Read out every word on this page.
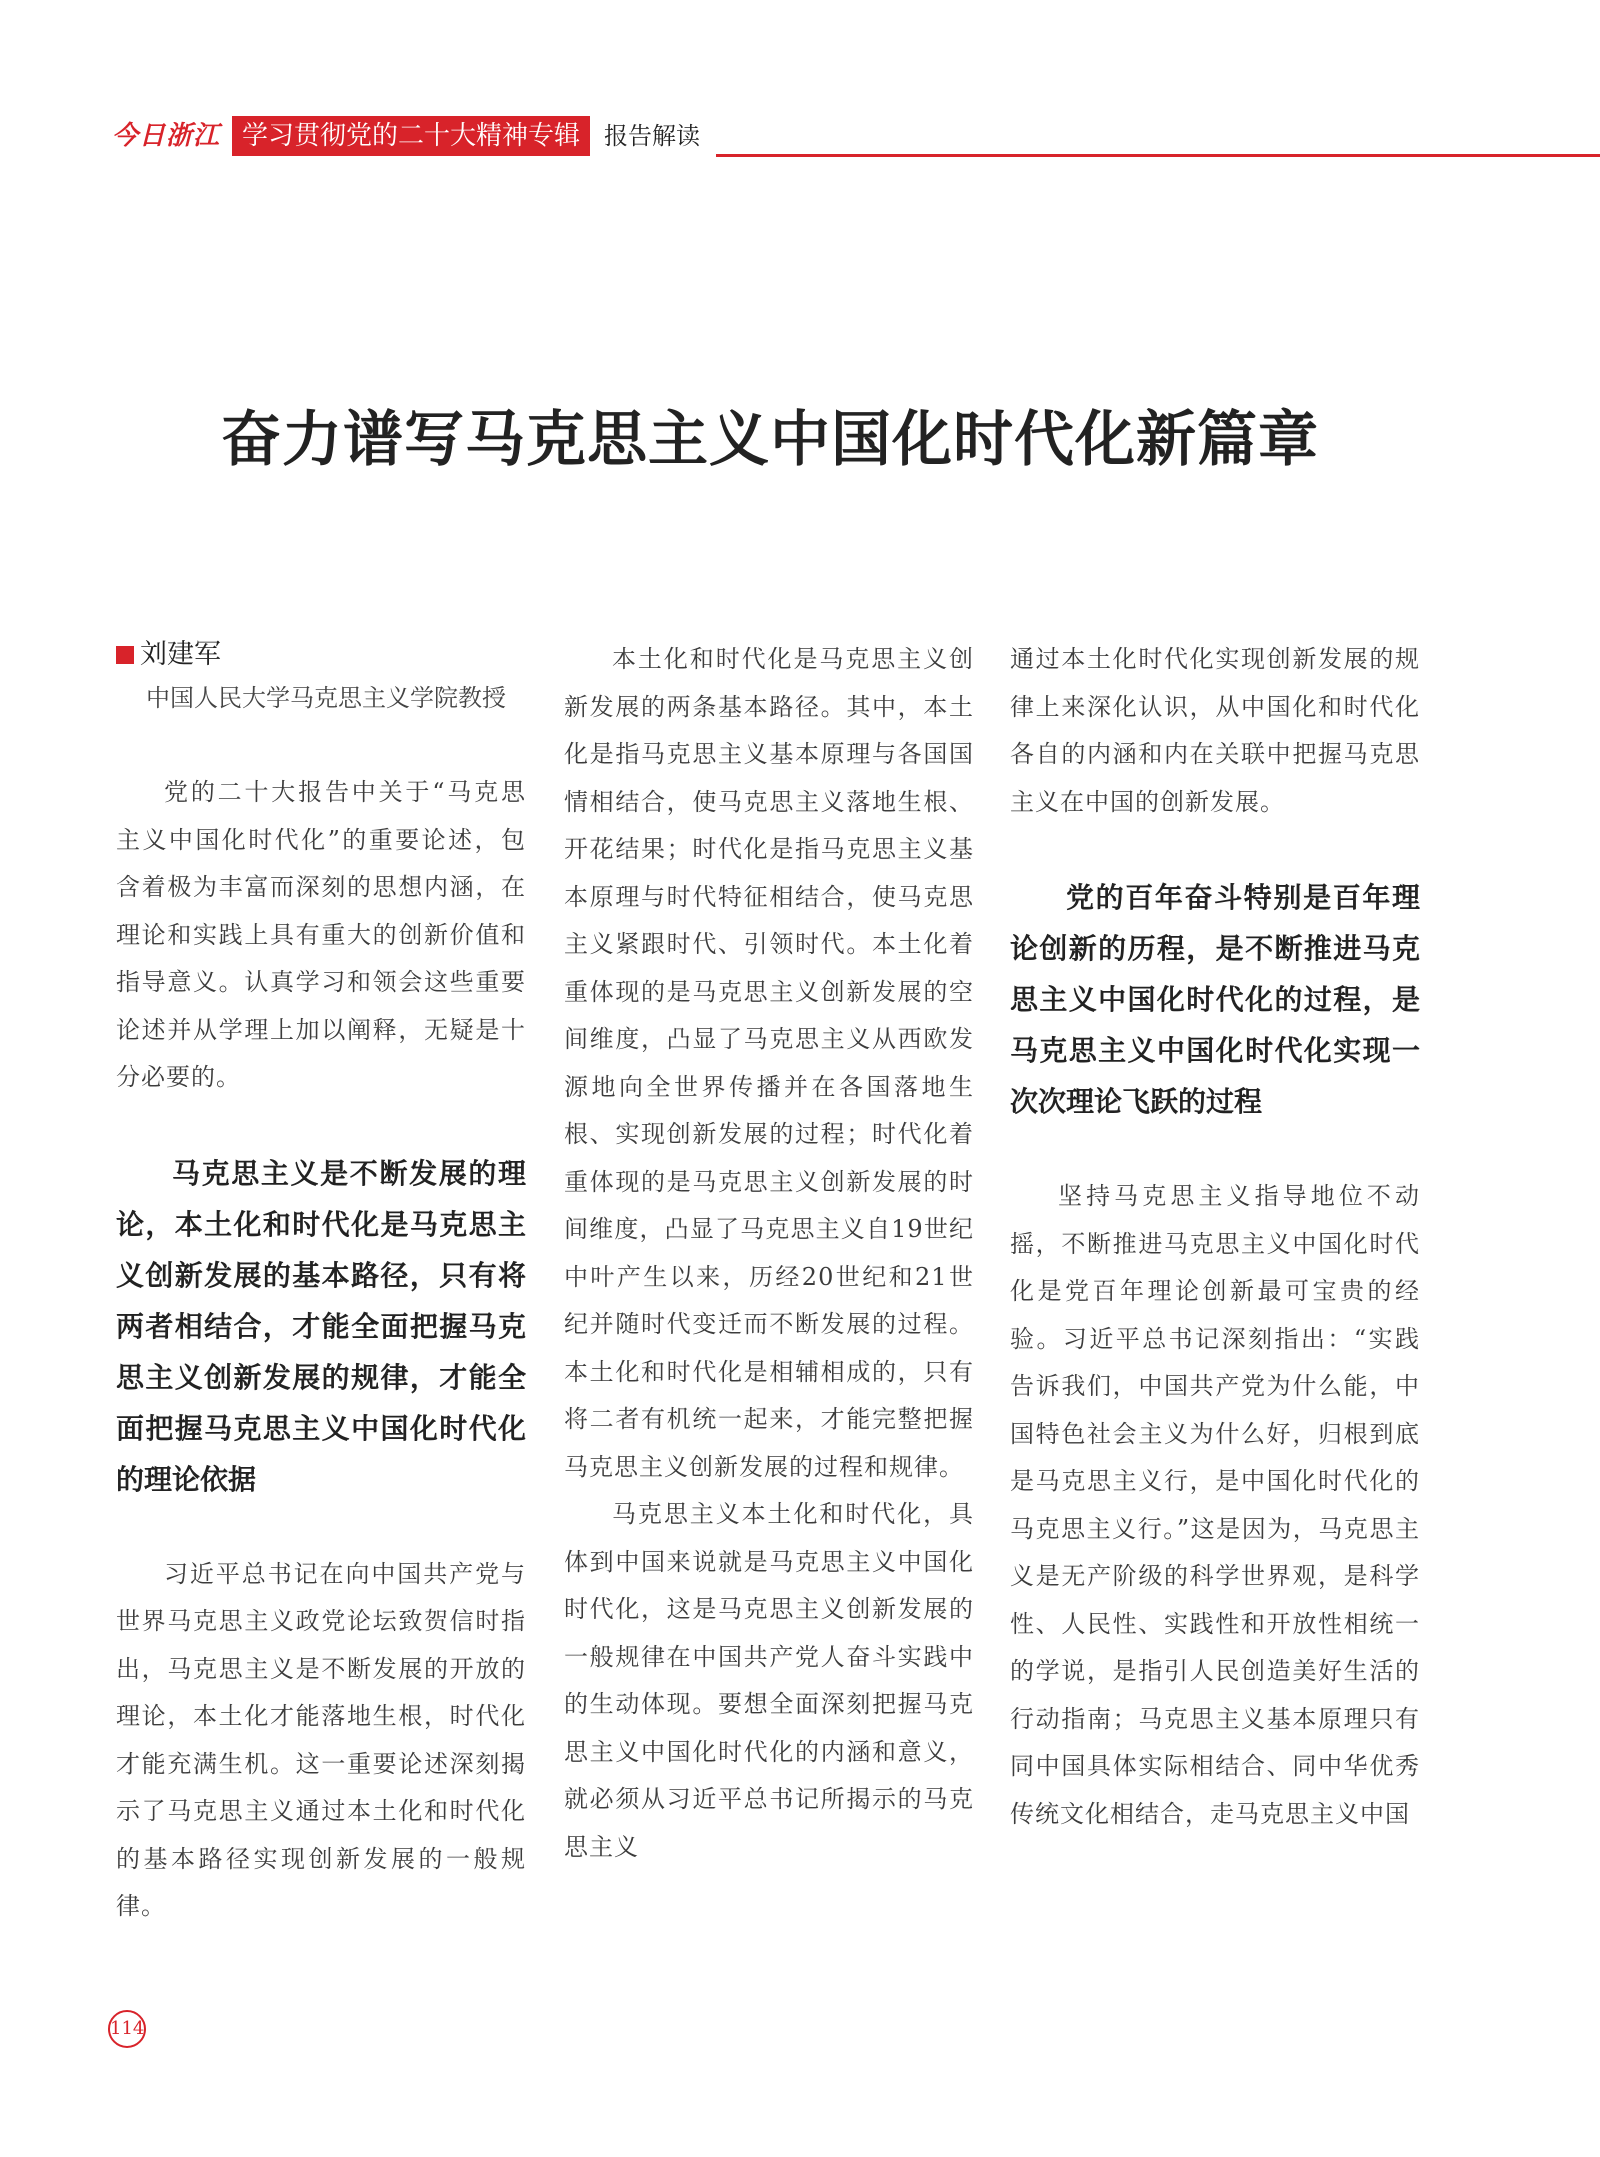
今日浙江 学习贯彻党的二十大精神专辑 报告解读
奋力谱写马克思主义中国化时代化新篇章
刘建军
中国人民大学马克思主义学院教授

党的二十大报告中关于“马克思主义中国化时代化”的重要论述，包含着极为丰富而深刻的思想内涵，在理论和实践上具有重大的创新价值和指导意义。认真学习和领会这些重要论述并从学理上加以阐释，无疑是十分必要的。

马克思主义是不断发展的理论，本土化和时代化是马克思主义创新发展的基本路径，只有将两者相结合，才能全面把握马克思主义创新发展的规律，才能全面把握马克思主义中国化时代化的理论依据

习近平总书记在向中国共产党与世界马克思主义政党论坛致贺信时指出，马克思主义是不断发展的开放的理论，本土化才能落地生根，时代化才能充满生机。这一重要论述深刻揭示了马克思主义通过本土化和时代化的基本路径实现创新发展的一般规律。

本土化和时代化是马克思主义创新发展的两条基本路径。其中，本土化是指马克思主义基本原理与各国国情相结合，使马克思主义落地生根、开花结果；时代化是指马克思主义基本原理与时代特征相结合，使马克思主义紧跟时代、引领时代。本土化着重体现的是马克思主义创新发展的空间维度，凸显了马克思主义从西欧发源地向全世界传播并在各国落地生根、实现创新发展的过程；时代化着重体现的是马克思主义创新发展的时间维度，凸显了马克思主义自19世纪中叶产生以来，历经20世纪和21世纪并随时代变迁而不断发展的过程。本土化和时代化是相辅相成的，只有将二者有机统一起来，才能完整把握马克思主义创新发展的过程和规律。

马克思主义本土化和时代化，具体到中国来说就是马克思主义中国化时代化，这是马克思主义创新发展的一般规律在中国共产党人奋斗实践中的生动体现。要想全面深刻把握马克思主义中国化时代化的内涵和意义，就必须从习近平总书记所揭示的马克思主义

通过本土化时代化实现创新发展的规律上来深化认识，从中国化和时代化各自的内涵和内在关联中把握马克思主义在中国的创新发展。

党的百年奋斗特别是百年理论创新的历程，是不断推进马克思主义中国化时代化的过程，是马克思主义中国化时代化实现一次次理论飞跃的过程

坚持马克思主义指导地位不动摇，不断推进马克思主义中国化时代化是党百年理论创新最可宝贵的经验。习近平总书记深刻指出：“实践告诉我们，中国共产党为什么能，中国特色社会主义为什么好，归根到底是马克思主义行，是中国化时代化的马克思主义行。”这是因为，马克思主义是无产阶级的科学世界观，是科学性、人民性、实践性和开放性相统一的学说，是指引人民创造美好生活的行动指南；马克思主义基本原理只有同中国具体实际相结合、同中华优秀传统文化相结合，走马克思主义中国

114
